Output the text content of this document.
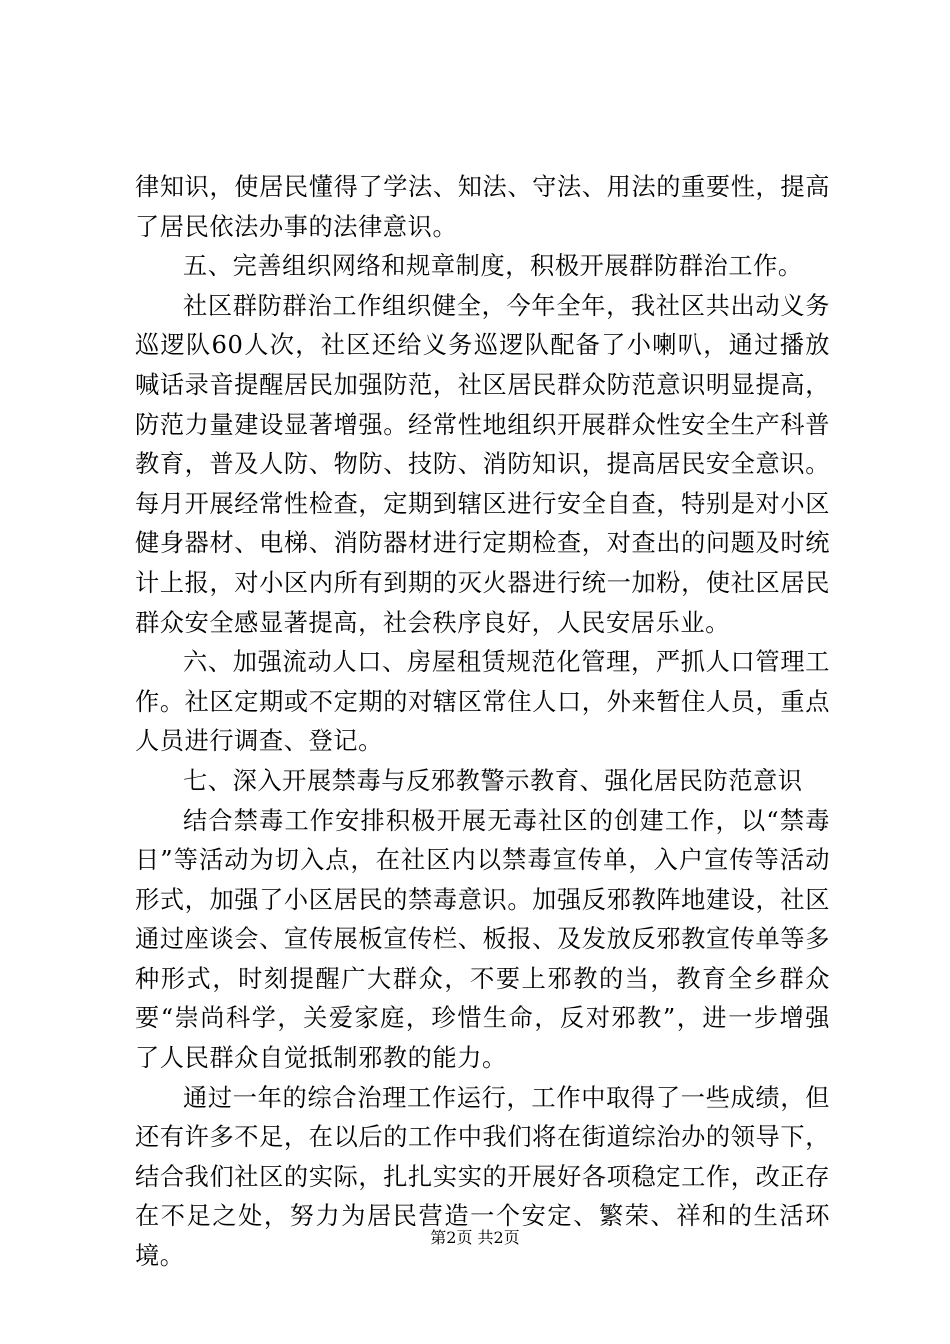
律知识，使居民懂得了学法、知法、守法、用法的重要性，提高了居民依法办事的法律意识。

五、完善组织网络和规章制度，积极开展群防群治工作。

社区群防群治工作组织健全，今年全年，我社区共出动义务巡逻队60人次，社区还给义务巡逻队配备了小喇叭，通过播放喊话录音提醒居民加强防范，社区居民群众防范意识明显提高，防范力量建设显著增强。经常性地组织开展群众性安全生产科普教育，普及人防、物防、技防、消防知识，提高居民安全意识。每月开展经常性检查，定期到辖区进行安全自查，特别是对小区健身器材、电梯、消防器材进行定期检查，对查出的问题及时统计上报，对小区内所有到期的灭火器进行统一加粉，使社区居民群众安全感显著提高，社会秩序良好，人民安居乐业。

六、加强流动人口、房屋租赁规范化管理，严抓人口管理工作。社区定期或不定期的对辖区常住人口，外来暂住人员，重点人员进行调查、登记。

七、深入开展禁毒与反邪教警示教育、强化居民防范意识

结合禁毒工作安排积极开展无毒社区的创建工作，以“禁毒日”等活动为切入点，在社区内以禁毒宣传单，入户宣传等活动形式，加强了小区居民的禁毒意识。加强反邪教阵地建设，社区通过座谈会、宣传展板宣传栏、板报、及发放反邪教宣传单等多种形式，时刻提醒广大群众，不要上邪教的当，教育全乡群众要“崇尚科学，关爱家庭，珍惜生命，反对邪教”，进一步增强了人民群众自觉抵制邪教的能力。

通过一年的综合治理工作运行，工作中取得了一些成绩，但还有许多不足，在以后的工作中我们将在街道综治办的领导下，结合我们社区的实际，扎扎实实的开展好各项稳定工作，改正存在不足之处，努力为居民营造一个安定、繁荣、祥和的生活环境。

第2页 共2页
